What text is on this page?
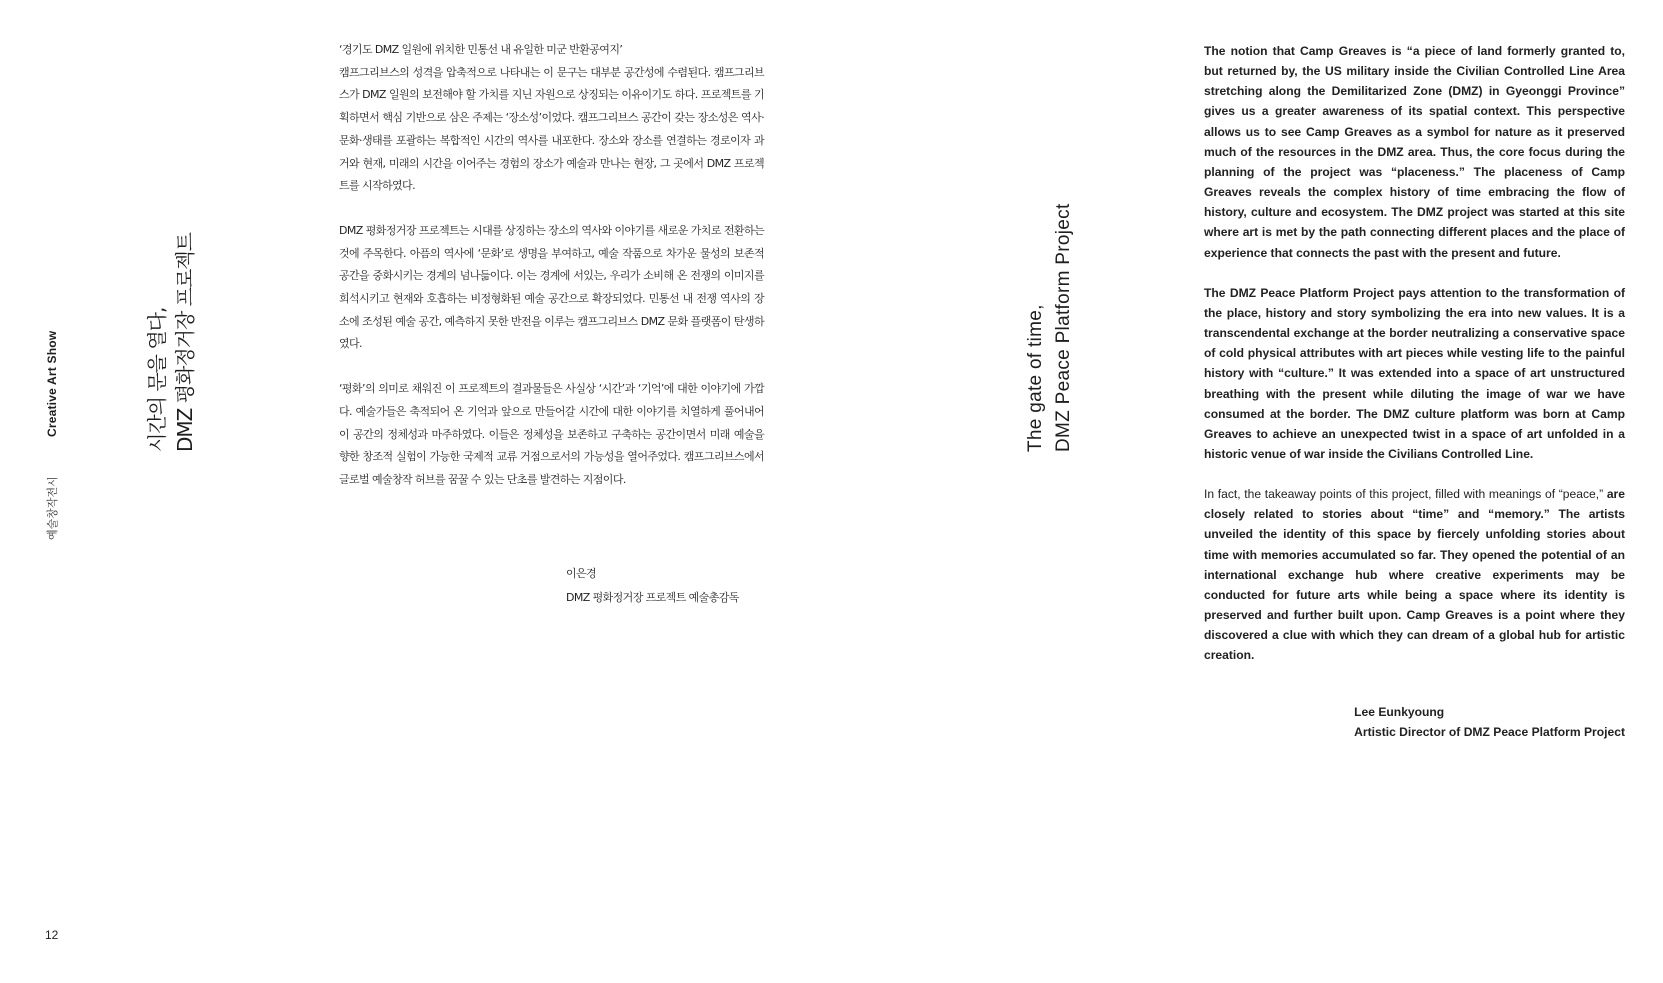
Creative Art Show
예술창작전시
시간의 문을 열다, DMZ 평화정거장 프로젝트

‘경기도 DMZ 일원에 위치한 민통선 내 유일한 미군 반환공여지’
캠프그리브스의 성격을 압축적으로 나타내는 이 문구는 대부분 공간성에 수렴된다. 캠프그리브스가 DMZ 일원의 보전해야 할 가치를 지닌 자원으로 상징되는 이유이기도 하다. 프로젝트를 기획하면서 핵심 기반으로 삼은 주제는 ‘장소성’이었다. 캠프그리브스 공간이 갖는 장소성은 역사‧문화‧생태를 포괄하는 복합적인 시간의 역사를 내포한다. 장소와 장소를 연결하는 경로이자 과거와 현재, 미래의 시간을 이어주는 경험의 장소가 예술과 만나는 현장, 그 곳에서 DMZ 프로젝트를 시작하였다.

DMZ 평화정거장 프로젝트는 시대를 상징하는 장소의 역사와 이야기를 새로운 가치로 전환하는 것에 주목한다. 아픔의 역사에 ‘문화’로 생명을 부여하고, 예술 작품으로 차가운 물성의 보존적 공간을 중화시키는 경계의 넘나듦이다. 이는 경계에 서있는, 우리가 소비해 온 전쟁의 이미지를 희석시키고 현재와 호흡하는 비정형화된 예술 공간으로 확장되었다. 민통선 내 전쟁 역사의 장소에 조성된 예술 공간, 예측하지 못한 반전을 이루는 캠프그리브스 DMZ 문화 플랫폼이 탄생하였다.

‘평화’의 의미로 채워진 이 프로젝트의 결과물들은 사실상 ‘시간’과 ‘기억’에 대한 이야기에 가깝다. 예술가들은 축적되어 온 기억과 앞으로 만들어갈 시간에 대한 이야기를 치열하게 풀어내어 이 공간의 정체성과 마주하였다. 이들은 정체성을 보존하고 구축하는 공간이면서 미래 예술을 향한 창조적 실험이 가능한 국제적 교류 거점으로서의 가능성을 열어주었다. 캠프그리브스에서 글로벌 예술창작 허브를 꿈꿀 수 있는 단초를 발견하는 지점이다.

이은경
DMZ 평화정거장 프로젝트 예술총감독
The gate of time, DMZ Peace Platform Project

The notion that Camp Greaves is “a piece of land formerly granted to, but returned by, the US military inside the Civilian Controlled Line Area stretching along the Demilitarized Zone (DMZ) in Gyeonggi Province” gives us a greater awareness of its spatial context. This perspective allows us to see Camp Greaves as a symbol for nature as it preserved much of the resources in the DMZ area. Thus, the core focus during the planning of the project was “placeness.” The placeness of Camp Greaves reveals the complex history of time embracing the flow of history, culture and ecosystem. The DMZ project was started at this site where art is met by the path connecting different places and the place of experience that connects the past with the present and future.

The DMZ Peace Platform Project pays attention to the transformation of the place, history and story symbolizing the era into new values. It is a transcendental exchange at the border neutralizing a conservative space of cold physical attributes with art pieces while vesting life to the painful history with “culture.” It was extended into a space of art unstructured breathing with the present while diluting the image of war we have consumed at the border. The DMZ culture platform was born at Camp Greaves to achieve an unexpected twist in a space of art unfolded in a historic venue of war inside the Civilians Controlled Line.

In fact, the takeaway points of this project, filled with meanings of “peace,” are closely related to stories about “time” and “memory.” The artists unveiled the identity of this space by fiercely unfolding stories about time with memories accumulated so far. They opened the potential of an international exchange hub where creative experiments may be conducted for future arts while being a space where its identity is preserved and further built upon. Camp Greaves is a point where they discovered a clue with which they can dream of a global hub for artistic creation.

Lee Eunkyoung
Artistic Director of DMZ Peace Platform Project
12
